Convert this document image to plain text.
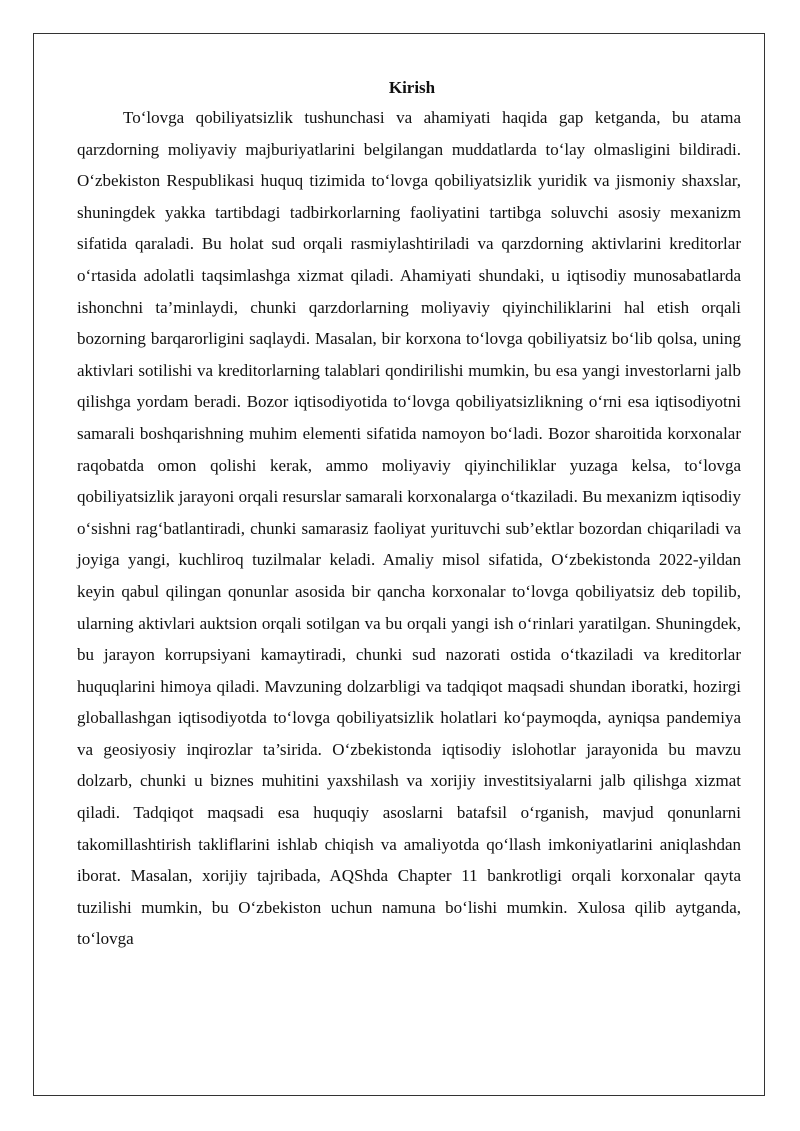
Kirish

To‘lovga qobiliyatsizlik tushunchasi va ahamiyati haqida gap ketganda, bu atama qarzdorning moliyaviy majburiyatlarini belgilangan muddatlarda to‘lay olmasligini bildiradi. O‘zbekiston Respublikasi huquq tizimida to‘lovga qobiliyatsizlik yuridik va jismoniy shaxslar, shuningdek yakka tartibdagi tadbirkorlarning faoliyatini tartibga soluvchi asosiy mexanizm sifatida qaraladi. Bu holat sud orqali rasmiylashtiriladi va qarzdorning aktivlarini kreditorlar o‘rtasida adolatli taqsimlashga xizmat qiladi. Ahamiyati shundaki, u iqtisodiy munosabatlarda ishonchni ta’minlaydi, chunki qarzdorlarning moliyaviy qiyinchiliklarini hal etish orqali bozorning barqarorligini saqlaydi. Masalan, bir korxona to‘lovga qobiliyatsiz bo‘lib qolsa, uning aktivlari sotilishi va kreditorlarning talablari qondirilishi mumkin, bu esa yangi investorlarni jalb qilishga yordam beradi. Bozor iqtisodiyotida to‘lovga qobiliyatsizlikning o‘rni esa iqtisodiyotni samarali boshqarishning muhim elementi sifatida namoyon bo‘ladi. Bozor sharoitida korxonalar raqobatda omon qolishi kerak, ammo moliyaviy qiyinchiliklar yuzaga kelsa, to‘lovga qobiliyatsizlik jarayoni orqali resurslar samarali korxonalarga o‘tkaziladi. Bu mexanizm iqtisodiy o‘sishni rag‘batlantiradi, chunki samarasiz faoliyat yurituvchi sub’ektlar bozordan chiqariladi va joyiga yangi, kuchliroq tuzilmalar keladi. Amaliy misol sifatida, O‘zbekistonda 2022-yildan keyin qabul qilingan qonunlar asosida bir qancha korxonalar to‘lovga qobiliyatsiz deb topilib, ularning aktivlari auktsion orqali sotilgan va bu orqali yangi ish o‘rinlari yaratilgan. Shuningdek, bu jarayon korrupsiyani kamaytiradi, chunki sud nazorati ostida o‘tkaziladi va kreditorlar huquqlarini himoya qiladi. Mavzuning dolzarbligi va tadqiqot maqsadi shundan iboratki, hozirgi globallashgan iqtisodiyotda to‘lovga qobiliyatsizlik holatlari ko‘paymoqda, ayniqsa pandemiya va geosiyosiy inqirozlar ta’sirida. O‘zbekistonda iqtisodiy islohotlar jarayonida bu mavzu dolzarb, chunki u biznes muhitini yaxshilash va xorijiy investitsiyalarni jalb qilishga xizmat qiladi. Tadqiqot maqsadi esa huquqiy asoslarni batafsil o‘rganish, mavjud qonunlarni takomillashtirish takliflarini ishlab chiqish va amaliyotda qo‘llash imkoniyatlarini aniqlashdan iborat. Masalan, xorijiy tajribada, AQShda Chapter 11 bankrotligi orqali korxonalar qayta tuzilishi mumkin, bu O‘zbekiston uchun namuna bo‘lishi mumkin. Xulosa qilib aytganda, to‘lovga
